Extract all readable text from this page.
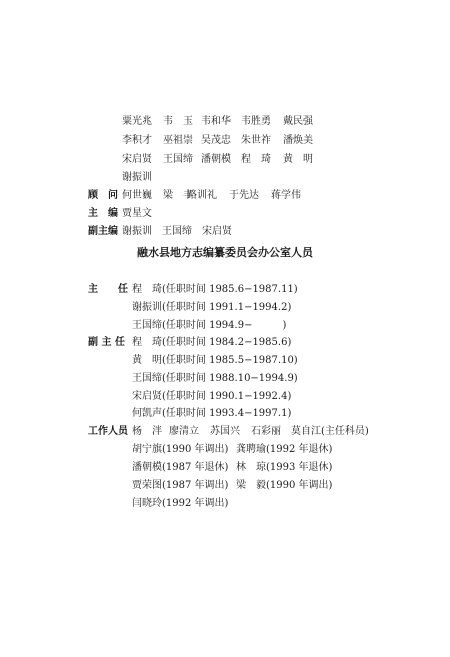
粟光兆 韦　玉 韦和华 韦胜勇 戴民强
李积才 巫祖崇 吴茂忠 朱世祚 潘焕美
宋启贤 王国缔 潘朝模 程　琦 黄　明
谢振训
顾　问 何世巍 梁　丰路训礼 于先达 蒋学伟
主　编 贾星文
副主编 谢振训 王国缔 宋启贤
融水县地方志编纂委员会办公室人员
主　　任 程　琦(任职时间 1985.6−1987.11)
谢振训(任职时间 1991.1−1994.2)
王国缔(任职时间 1994.9−　　　)
副 主 任 程　琦(任职时间 1984.2−1985.6)
黄　明(任职时间 1985.5−1987.10)
王国缔(任职时间 1988.10−1994.9)
宋启贤(任职时间 1990.1−1992.4)
何凯声(任职时间 1993.4−1997.1)
工作人员 杨　泮 廖清立 苏国兴 石彩丽 莫自江(主任科员)
胡宁旗(1990 年调出) 龚聘瑜(1992 年退休)
潘朝模(1987 年退休) 林　琼(1993 年退休)
贾荣图(1987 年调出) 梁　毅(1990 年调出)
闫晓玲(1992 年调出)
